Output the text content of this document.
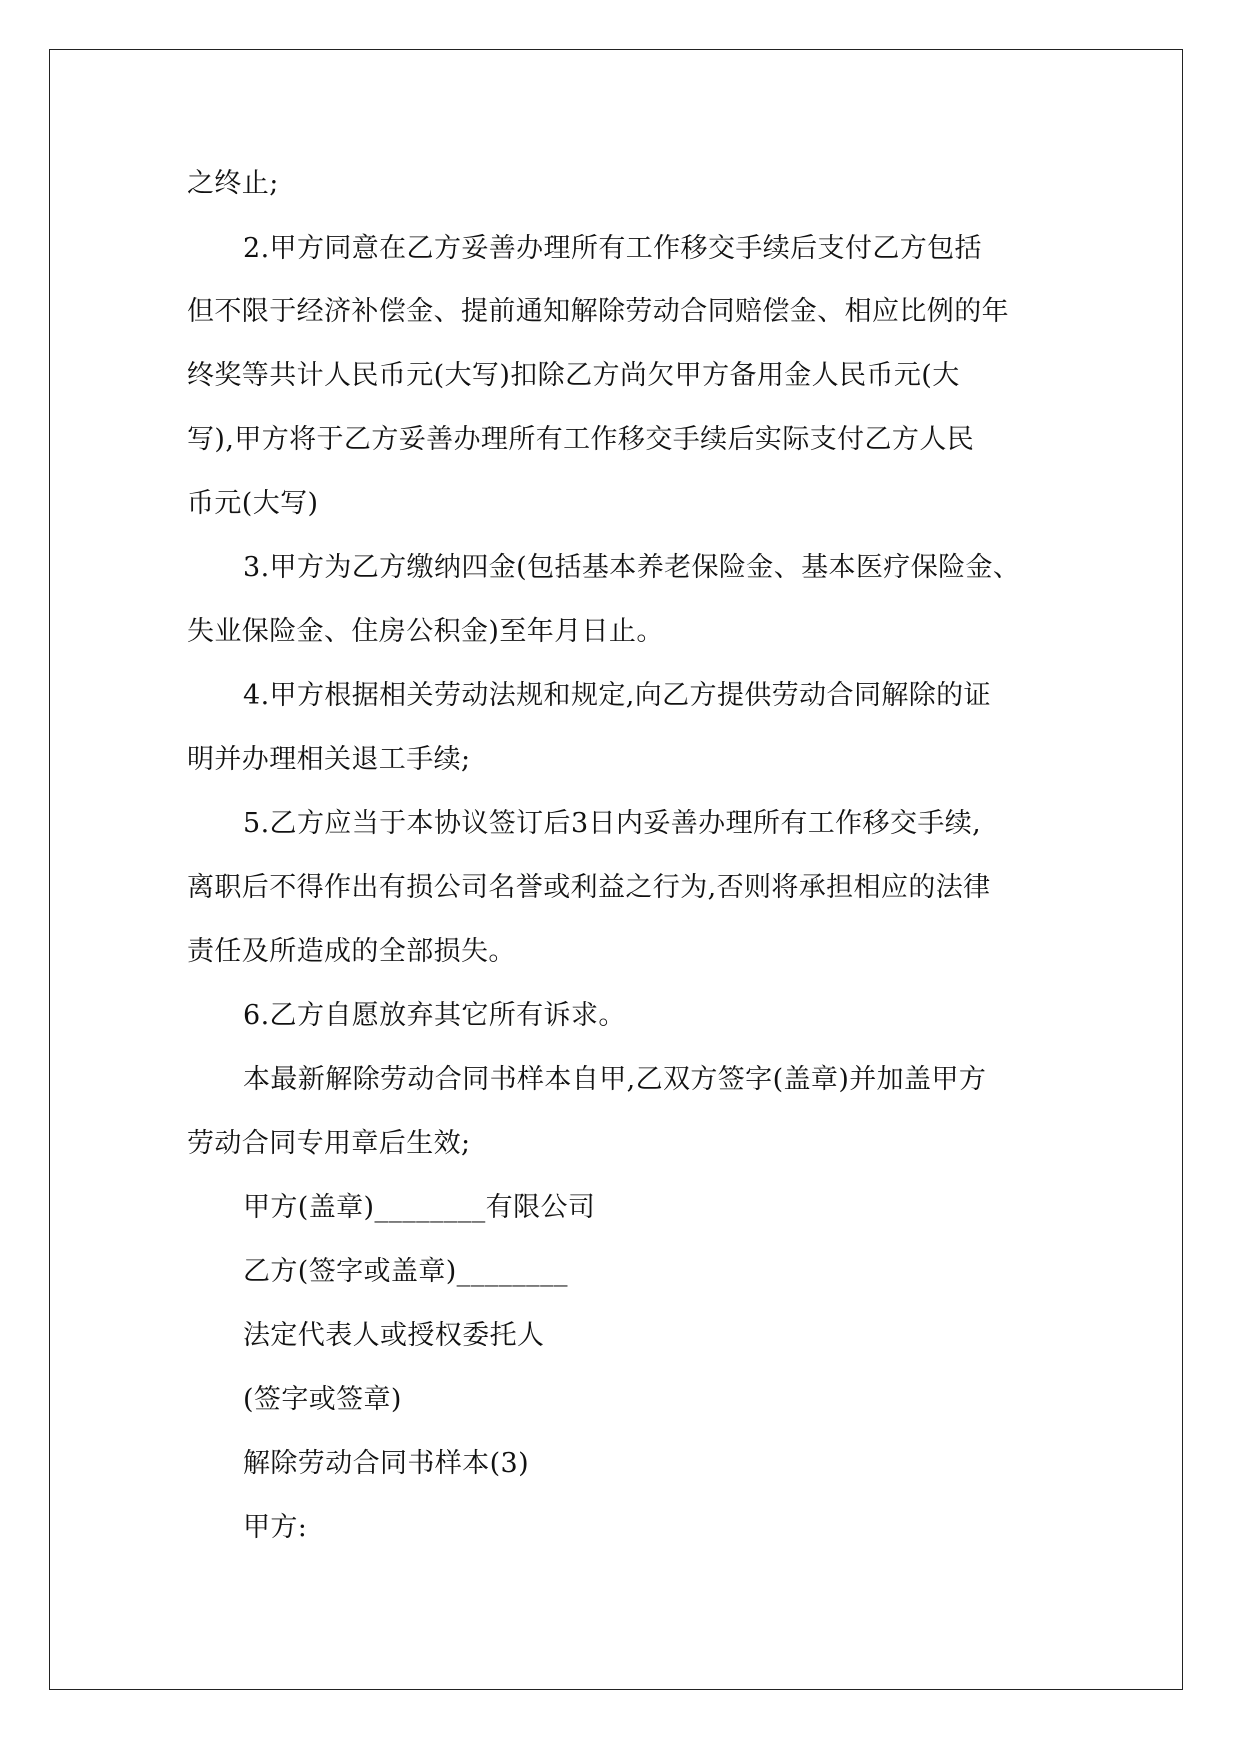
之终止;
2.甲方同意在乙方妥善办理所有工作移交手续后支付乙方包括
但不限于经济补偿金、提前通知解除劳动合同赔偿金、相应比例的年
终奖等共计人民币元(大写)扣除乙方尚欠甲方备用金人民币元(大
写),甲方将于乙方妥善办理所有工作移交手续后实际支付乙方人民
币元(大写)
3.甲方为乙方缴纳四金(包括基本养老保险金、基本医疗保险金、
失业保险金、住房公积金)至年月日止。
4.甲方根据相关劳动法规和规定,向乙方提供劳动合同解除的证
明并办理相关退工手续;
5.乙方应当于本协议签订后3日内妥善办理所有工作移交手续,
离职后不得作出有损公司名誉或利益之行为,否则将承担相应的法律
责任及所造成的全部损失。
6.乙方自愿放弃其它所有诉求。
本最新解除劳动合同书样本自甲,乙双方签字(盖章)并加盖甲方
劳动合同专用章后生效;
甲方(盖章)________有限公司
乙方(签字或盖章)________
法定代表人或授权委托人
(签字或签章)
解除劳动合同书样本(3)
甲方:
